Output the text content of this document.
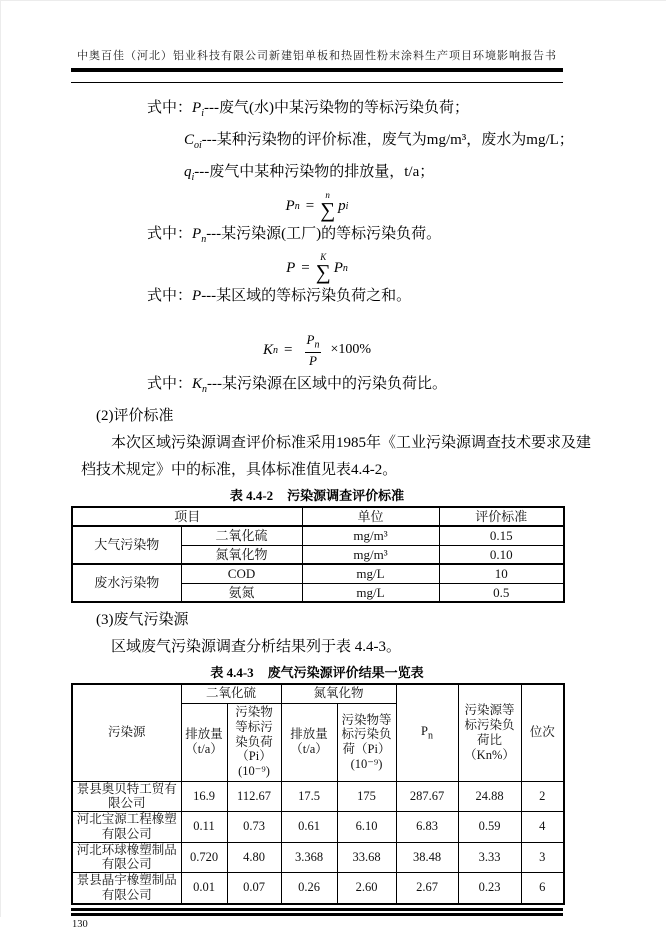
中奥百佳（河北）铝业科技有限公司新建铝单板和热固性粉末涂料生产项目环境影响报告书
式中：$P_i---$废气(水)中某污染物的等标污染负荷；
$C_{oi}---$某种污染物的评价标准，废气为mg/m³，废水为mg/L；
$q_i---$废气中某种污染物的排放量，t/a；
P n =
n
∑ p i
式中：$P_n---$某污染源(工厂)的等标污染负荷。
P =
K
∑ P n
式中：P---某区域的等标污染负荷之和。
K $n = \frac{P_n}{P} \times 100\%$
式中：$K_n---$某污染源在区域中的污染负荷比。
(2)评价标准
本次区域污染源调查评价标准采用1985年《工业污染源调查技术要求及建
档技术规定》中的标准，具体标准值见表4.4-2。
表 4.4-2 污染源调查评价标准
项目		单位	评价标准
大气污染物	二氧化硫	mg/m³	0.15
	氮氧化物	mg/m³	0.10
废水污染物	COD	mg/L	10
	氨氮	mg/L	0.5
(3)废气污染源
区域废气污染源调查分析结果列于表 4.4-3。
表 4.4-3 废气污染源评价结果一览表
污染源	二氧化硫		氮氧化物		$P_n$	污染源等标污染负荷比（Kn%）	位次
	排放量（t/a）	污染物等标污染负荷（Pi）(10⁻⁹)	排放量（t/a）	污染物等标污染负荷（Pi）(10⁻⁹)			
景县奥贝特工贸有限公司	16.9	112.67	17.5	175	287.67	24.88	2
河北宝源工程橡塑有限公司	0.11	0.73	0.61	6.10	6.83	0.59	4
河北环球橡塑制品有限公司	0.720	4.80	3.368	33.68	38.48	3.33	3
景县晶宇橡塑制品有限公司	0.01	0.07	0.26	2.60	2.67	0.23	6
130
